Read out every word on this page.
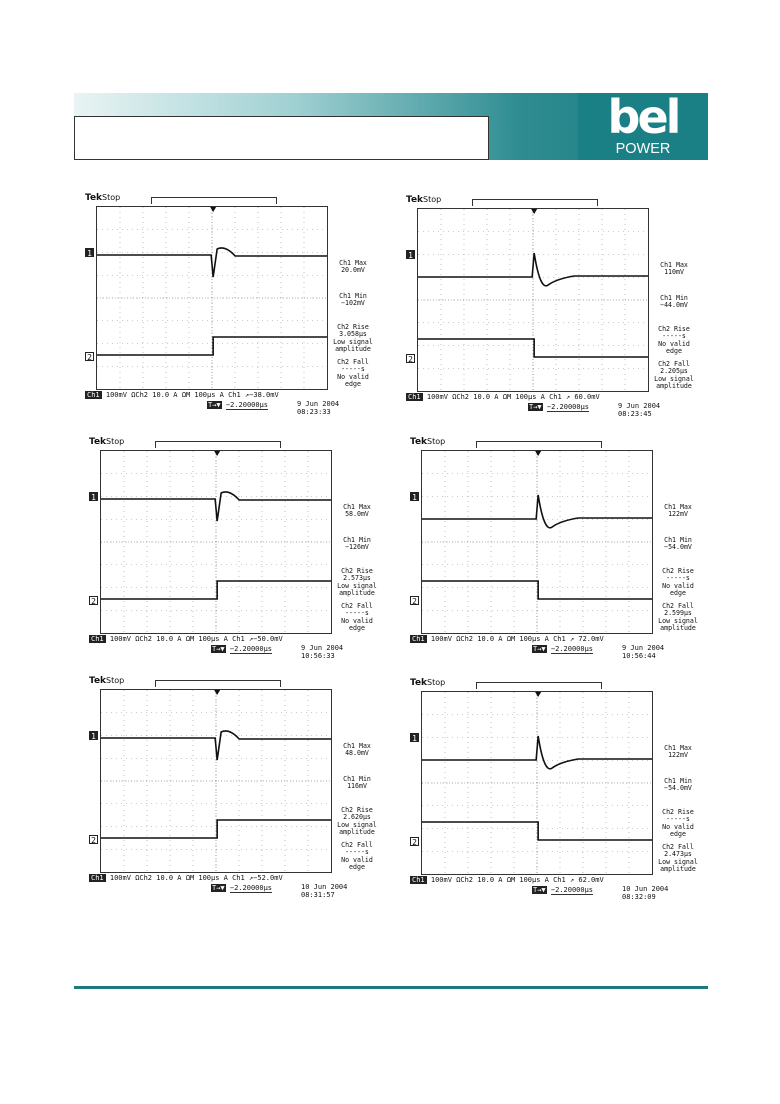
bel
POWER PRODUCTS
Tek Stop
1
2
Ch1 Max
20.0mV
Ch1 Min
−102mV
Ch2 Rise
3.058μs
Low signal
amplitude
Ch2 Fall
-----s
No valid
edge
Ch1 100mV ΩCh2 10.0 A ΩM 100μs A Ch1 ↗−38.0mV
T→▼ −2.20000μs	9 Jun 2004
08:23:33
Tek Stop
1
2
Ch1 Max
110mV
Ch1 Min
−44.0mV
Ch2 Rise
-----s
No valid
edge
Ch2 Fall
2.205μs
Low signal
amplitude
Ch1 100mV ΩCh2 10.0 A ΩM 100μs A Ch1 ↗ 60.0mV
T→▼ −2.20000μs	9 Jun 2004
08:23:45
Tek Stop
1
2
Ch1 Max
58.0mV
Ch1 Min
−126mV
Ch2 Rise
2.573μs
Low signal
amplitude
Ch2 Fall
-----s
No valid
edge
Ch1 100mV ΩCh2 10.0 A ΩM 100μs A Ch1 ↗−50.0mV
T→▼ −2.20000μs	9 Jun 2004
10:56:33
Tek Stop
1
2
Ch1 Max
122mV
Ch1 Min
−54.0mV
Ch2 Rise
-----s
No valid
edge
Ch2 Fall
2.599μs
Low signal
amplitude
Ch1 100mV ΩCh2 10.0 A ΩM 100μs A Ch1 ↗ 72.0mV
T→▼ −2.20000μs	9 Jun 2004
10:56:44
Tek Stop
1
2
Ch1 Max
48.0mV
Ch1 Min
116mV
Ch2 Rise
2.620μs
Low signal
amplitude
Ch2 Fall
-----s
No valid
edge
Ch1 100mV ΩCh2 10.0 A ΩM 100μs A Ch1 ↗−52.0mV
T→▼ −2.20000μs	10 Jun 2004
08:31:57
Tek Stop
1
2
Ch1 Max
122mV
Ch1 Min
−54.0mV
Ch2 Rise
-----s
No valid
edge
Ch2 Fall
2.473μs
Low signal
amplitude
Ch1 100mV ΩCh2 10.0 A ΩM 100μs A Ch1 ↗ 62.0mV
T→▼ −2.20000μs	10 Jun 2004
08:32:09
